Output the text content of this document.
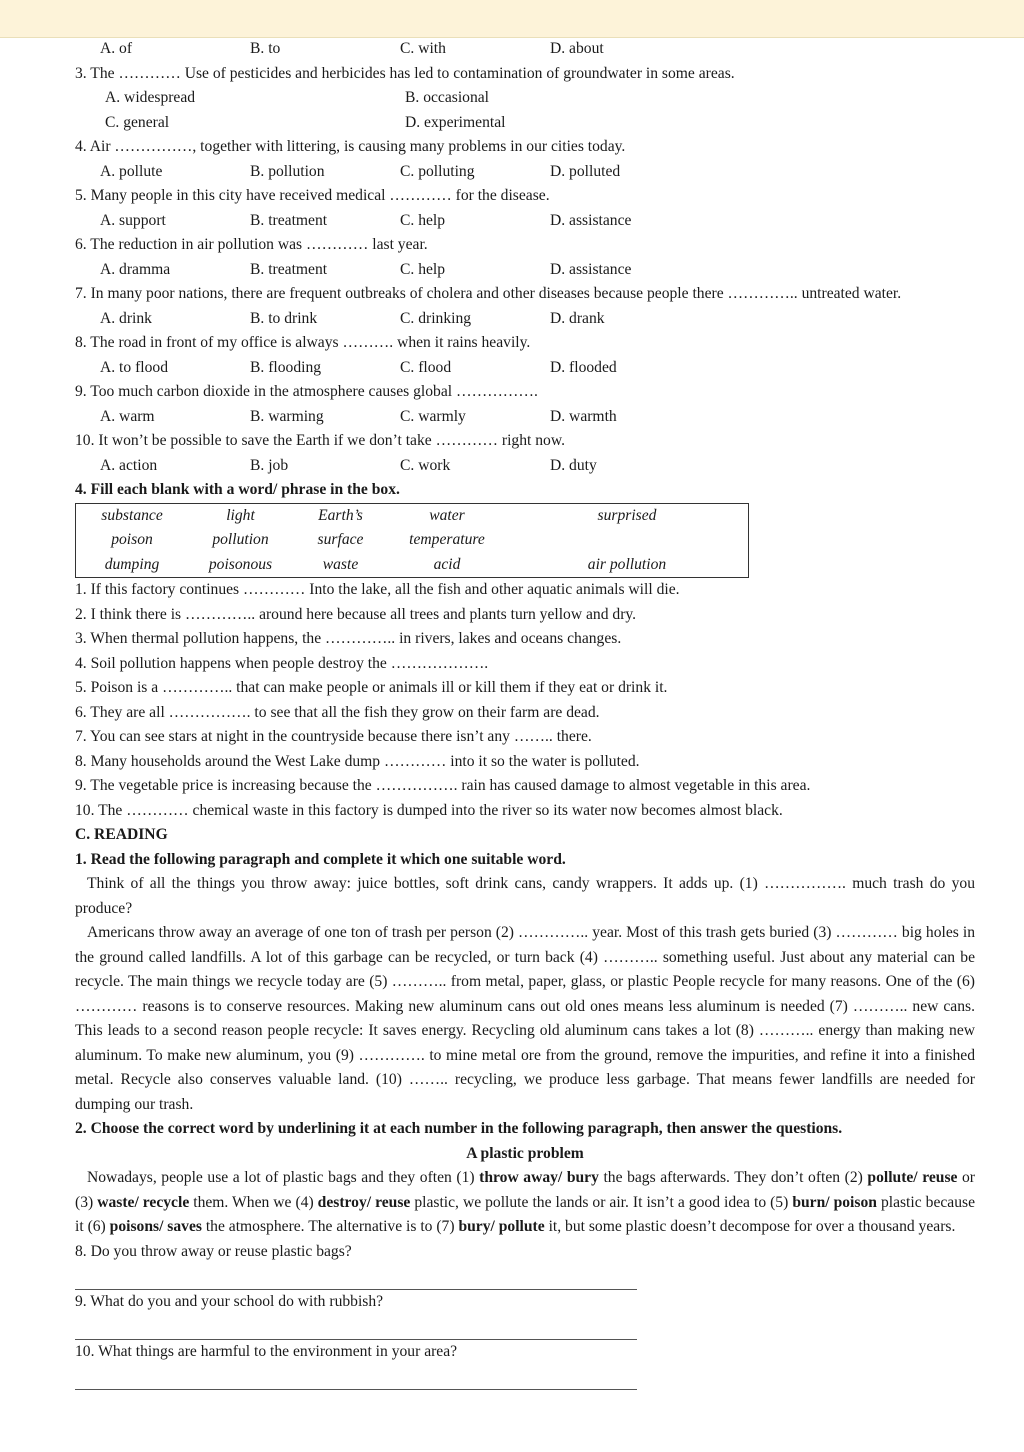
A. of	B. to	C. with	D. about
3. The ………… Use of pesticides and herbicides has led to contamination of groundwater in some areas.
A. widespread	B. occasional
C. general	D. experimental
4. Air ……………, together with littering, is causing many problems in our cities today.
A. pollute	B. pollution	C. polluting	D. polluted
5. Many people in this city have received medical ………… for the disease.
A. support	B. treatment	C. help	D. assistance
6. The reduction in air pollution was ………… last year.
A. dramma	B. treatment	C. help	D. assistance
7. In many poor nations, there are frequent outbreaks of cholera and other diseases because people there ………….. untreated water.
A. drink	B. to drink	C. drinking	D. drank
8. The road in front of my office is always ………. when it rains heavily.
A. to flood	B. flooding	C. flood	D. flooded
9. Too much carbon dioxide in the atmosphere causes global …………….
A. warm	B. warming	C. warmly	D. warmth
10. It won’t be possible to save the Earth if we don’t take ………… right now.
A. action	B. job	C. work	D. duty
4. Fill each blank with a word/ phrase in the box.
substance	light	Earth’s	water	surprised
poison	pollution	surface	temperature
dumping	poisonous	waste	acid	air pollution
1. If this factory continues ………… Into the lake, all the fish and other aquatic animals will die.
2. I think there is ………….. around here because all trees and plants turn yellow and dry.
3. When thermal pollution happens, the ………….. in rivers, lakes and oceans changes.
4. Soil pollution happens when people destroy the ……………….
5. Poison is a ………….. that can make people or animals ill or kill them if they eat or drink it.
6. They are all ……………. to see that all the fish they grow on their farm are dead.
7. You can see stars at night in the countryside because there isn’t any …….. there.
8. Many households around the West Lake dump ………… into it so the water is polluted.
9. The vegetable price is increasing because the ……………. rain has caused damage to almost vegetable in this area.
10. The ………… chemical waste in this factory is dumped into the river so its water now becomes almost black.
C. READING
1. Read the following paragraph and complete it which one suitable word.
Think of all the things you throw away: juice bottles, soft drink cans, candy wrappers. It adds up. (1) ……………. much trash do you produce?
Americans throw away an average of one ton of trash per person (2) ………….. year. Most of this trash gets buried (3) ………… big holes in the ground called landfills. A lot of this garbage can be recycled, or turn back (4) ……….. something useful. Just about any material can be recycle. The main things we recycle today are (5) ……….. from metal, paper, glass, or plastic People recycle for many reasons. One of the (6) ………… reasons is to conserve resources. Making new aluminum cans out old ones means less aluminum is needed (7) ……….. new cans. This leads to a second reason people recycle: It saves energy. Recycling old aluminum cans takes a lot (8) ……….. energy than making new aluminum. To make new aluminum, you (9) …………. to mine metal ore from the ground, remove the impurities, and refine it into a finished metal. Recycle also conserves valuable land. (10) …….. recycling, we produce less garbage. That means fewer landfills are needed for dumping our trash.
2. Choose the correct word by underlining it at each number in the following paragraph, then answer the questions.
A plastic problem
Nowadays, people use a lot of plastic bags and they often (1) throw away/ bury the bags afterwards. They don’t often (2) pollute/ reuse or (3) waste/ recycle them. When we (4) destroy/ reuse plastic, we pollute the lands or air. It isn’t a good idea to (5) burn/ poison plastic because it (6) poisons/ saves the atmosphere. The alternative is to (7) bury/ pollute it, but some plastic doesn’t decompose for over a thousand years.
8. Do you throw away or reuse plastic bags?
9. What do you and your school do with rubbish?
10. What things are harmful to the environment in your area?
